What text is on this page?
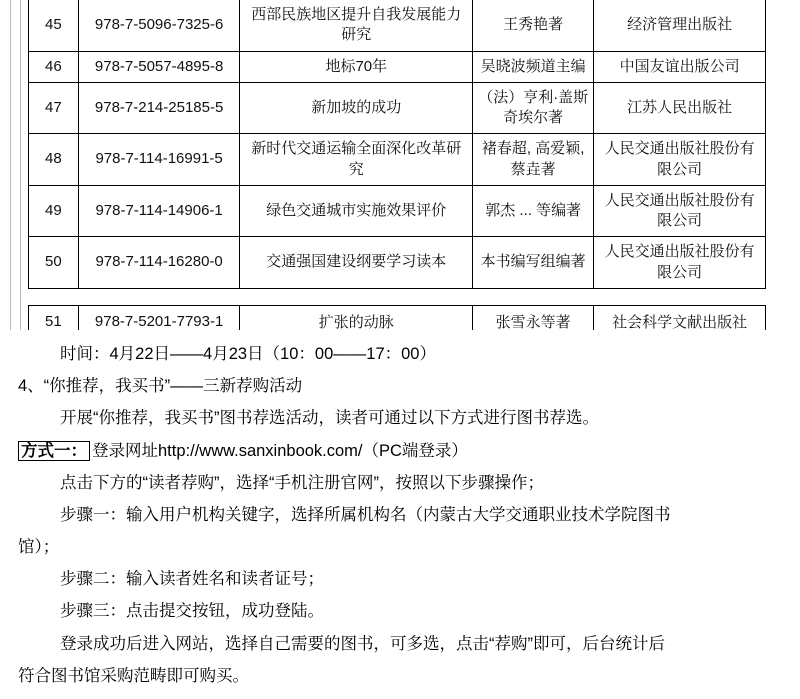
45	978-7-5096-7325-6	西部民族地区提升自我发展能力研究	王秀艳著	经济管理出版社
46	978-7-5057-4895-8	地标70年	吴晓波频道主编	中国友谊出版公司
47	978-7-214-25185-5	新加坡的成功	（法）亨利·盖斯奇埃尔著	江苏人民出版社
48	978-7-114-16991-5	新时代交通运输全面深化改革研究	褚春超, 高爱颖, 蔡垚著	人民交通出版社股份有限公司
49	978-7-114-14906-1	绿色交通城市实施效果评价	郭杰 ... 等编著	人民交通出版社股份有限公司
50	978-7-114-16280-0	交通强国建设纲要学习读本	本书编写组编著	人民交通出版社股份有限公司
51	978-7-5201-7793-1	扩张的动脉	张雪永等著	社会科学文献出版社

时间：4月22日——4月23日（10：00——17：00）

4、“你推荐，我买书”——三新荐购活动

开展“你推荐，我买书”图书荐选活动，读者可通过以下方式进行图书荐选。

方式一： 登录网址http://www.sanxinbook.com/（PC端登录）

点击下方的“读者荐购”，选择“手机注册官网”，按照以下步骤操作；

步骤一：输入用户机构关键字，选择所属机构名（内蒙古大学交通职业技术学院图书

馆）；

步骤二：输入读者姓名和读者证号；

步骤三：点击提交按钮，成功登陆。

登录成功后进入网站，选择自己需要的图书，可多选，点击“荐购”即可，后台统计后

符合图书馆采购范畴即可购买。
